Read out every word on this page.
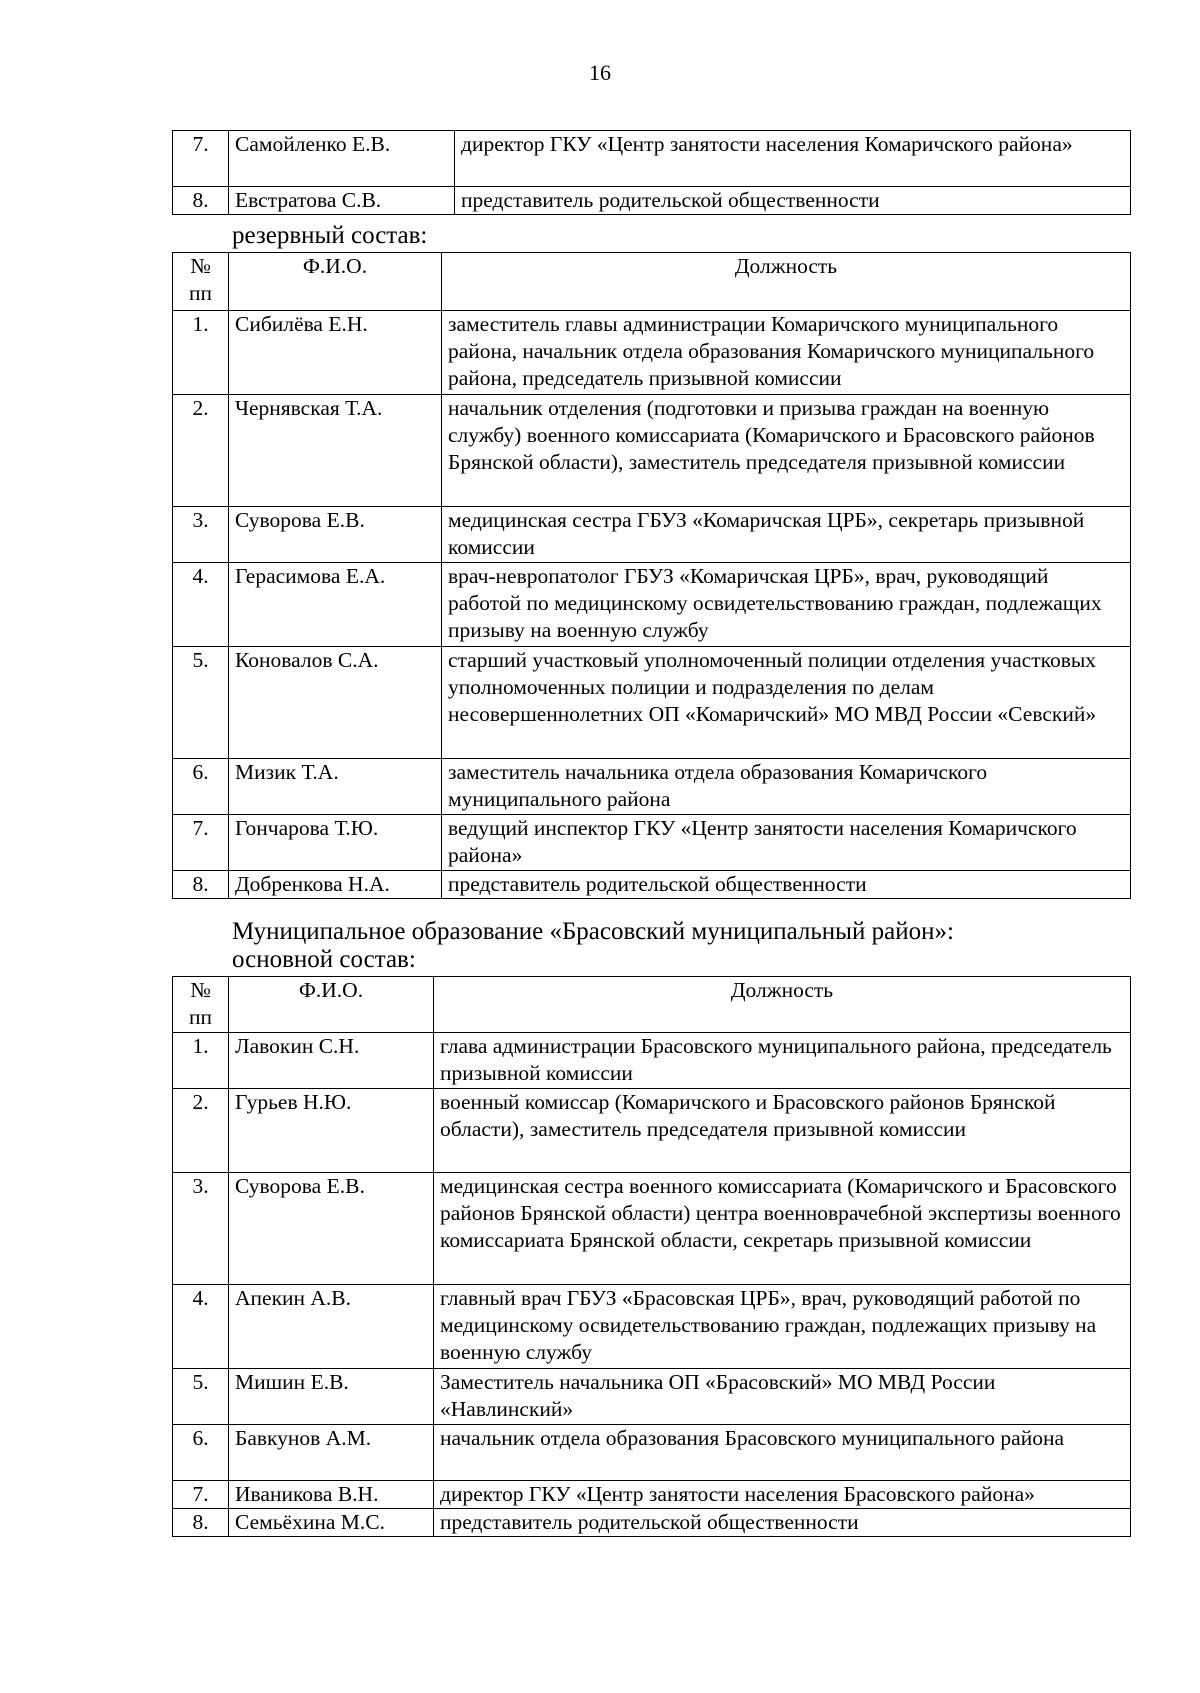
16
7.	Самойленко Е.В.	директор ГКУ «Центр занятости населения Комаричского района»
8.	Евстратова С.В.	представитель родительской общественности
резервный состав:
№ пп	Ф.И.О.	Должность
1.	Сибилёва Е.Н.	заместитель главы администрации Комаричского муниципального района, начальник отдела образования Комаричского муниципального района, председатель призывной комиссии
2.	Чернявская Т.А.	начальник отделения (подготовки и призыва граждан на военную службу) военного комиссариата (Комаричского и Брасовского районов Брянской области), заместитель председателя призывной комиссии
3.	Суворова Е.В.	медицинская сестра ГБУЗ «Комаричская ЦРБ», секретарь призывной комиссии
4.	Герасимова Е.А.	врач-невропатолог ГБУЗ «Комаричская ЦРБ», врач, руководящий работой по медицинскому освидетельствованию граждан, подлежащих призыву на военную службу
5.	Коновалов С.А.	старший участковый уполномоченный полиции отделения участковых уполномоченных полиции и подразделения по делам несовершеннолетних ОП «Комаричский» МО МВД России «Севский»
6.	Мизик Т.А.	заместитель начальника отдела образования Комаричского муниципального района
7.	Гончарова Т.Ю.	ведущий инспектор ГКУ «Центр занятости населения Комаричского района»
8.	Добренкова Н.А.	представитель родительской общественности
Муниципальное образование «Брасовский муниципальный район»:
основной состав:
№ пп	Ф.И.О.	Должность
1.	Лавокин С.Н.	глава администрации Брасовского муниципального района, председатель призывной комиссии
2.	Гурьев Н.Ю.	военный комиссар (Комаричского и Брасовского районов Брянской области), заместитель председателя призывной комиссии
3.	Суворова Е.В.	медицинская сестра военного комиссариата (Комаричского и Брасовского районов Брянской области) центра военноврачебной экспертизы военного комиссариата Брянской области, секретарь призывной комиссии
4.	Апекин А.В.	главный врач ГБУЗ «Брасовская ЦРБ», врач, руководящий работой по медицинскому освидетельствованию граждан, подлежащих призыву на военную службу
5.	Мишин Е.В.	Заместитель начальника ОП «Брасовский» МО МВД России «Навлинский»
6.	Бавкунов А.М.	начальник отдела образования Брасовского муниципального района
7.	Иваникова В.Н.	директор ГКУ «Центр занятости населения Брасовского района»
8.	Семьёхина М.С.	представитель родительской общественности
